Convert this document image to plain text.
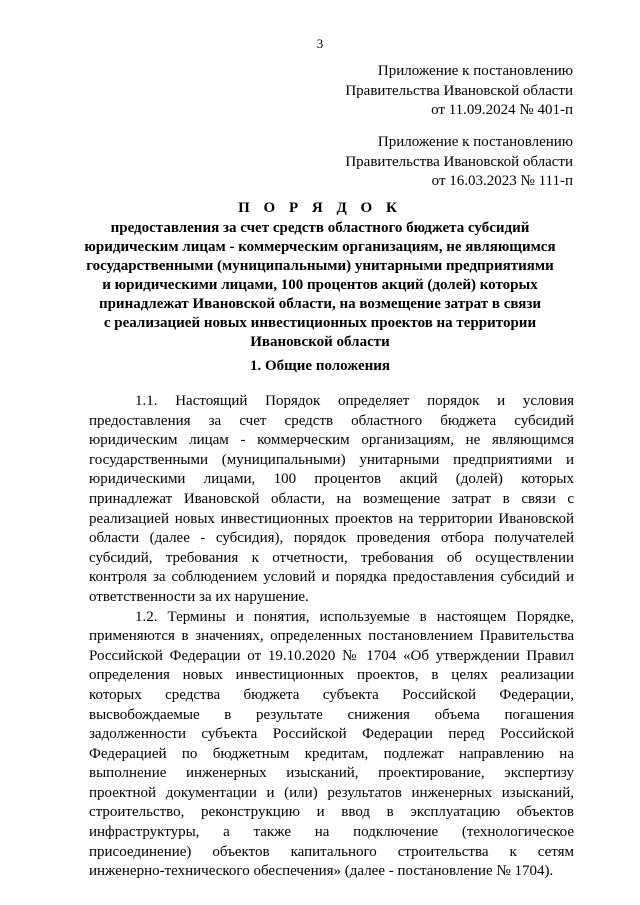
3
Приложение к постановлению
Правительства Ивановской области
от 11.09.2024 № 401-п
Приложение к постановлению
Правительства Ивановской области
от 16.03.2023 № 111-п
П О Р Я Д О К
предоставления за счет средств областного бюджета субсидий
юридическим лицам - коммерческим организациям, не являющимся
государственными (муниципальными) унитарными предприятиями
и юридическими лицами, 100 процентов акций (долей) которых
принадлежат Ивановской области, на возмещение затрат в связи
с реализацией новых инвестиционных проектов на территории
Ивановской области
1. Общие положения
1.1. Настоящий Порядок определяет порядок и условия
предоставления за счет средств областного бюджета субсидий
юридическим лицам - коммерческим организациям, не являющимся
государственными (муниципальными) унитарными предприятиями и
юридическими лицами, 100 процентов акций (долей) которых
принадлежат Ивановской области, на возмещение затрат в связи с
реализацией новых инвестиционных проектов на территории Ивановской
области (далее - субсидия), порядок проведения отбора получателей
субсидий, требования к отчетности, требования об осуществлении
контроля за соблюдением условий и порядка предоставления субсидий и
ответственности за их нарушение.
1.2. Термины и понятия, используемые в настоящем Порядке,
применяются в значениях, определенных постановлением Правительства
Российской Федерации от 19.10.2020 № 1704 «Об утверждении Правил
определения новых инвестиционных проектов, в целях реализации
которых средства бюджета субъекта Российской Федерации,
высвобождаемые в результате снижения объема погашения
задолженности субъекта Российской Федерации перед Российской
Федерацией по бюджетным кредитам, подлежат направлению на
выполнение инженерных изысканий, проектирование, экспертизу
проектной документации и (или) результатов инженерных изысканий,
строительство, реконструкцию и ввод в эксплуатацию объектов
инфраструктуры, а также на подключение (технологическое
присоединение) объектов капитального строительства к сетям
инженерно-технического обеспечения» (далее - постановление № 1704).
